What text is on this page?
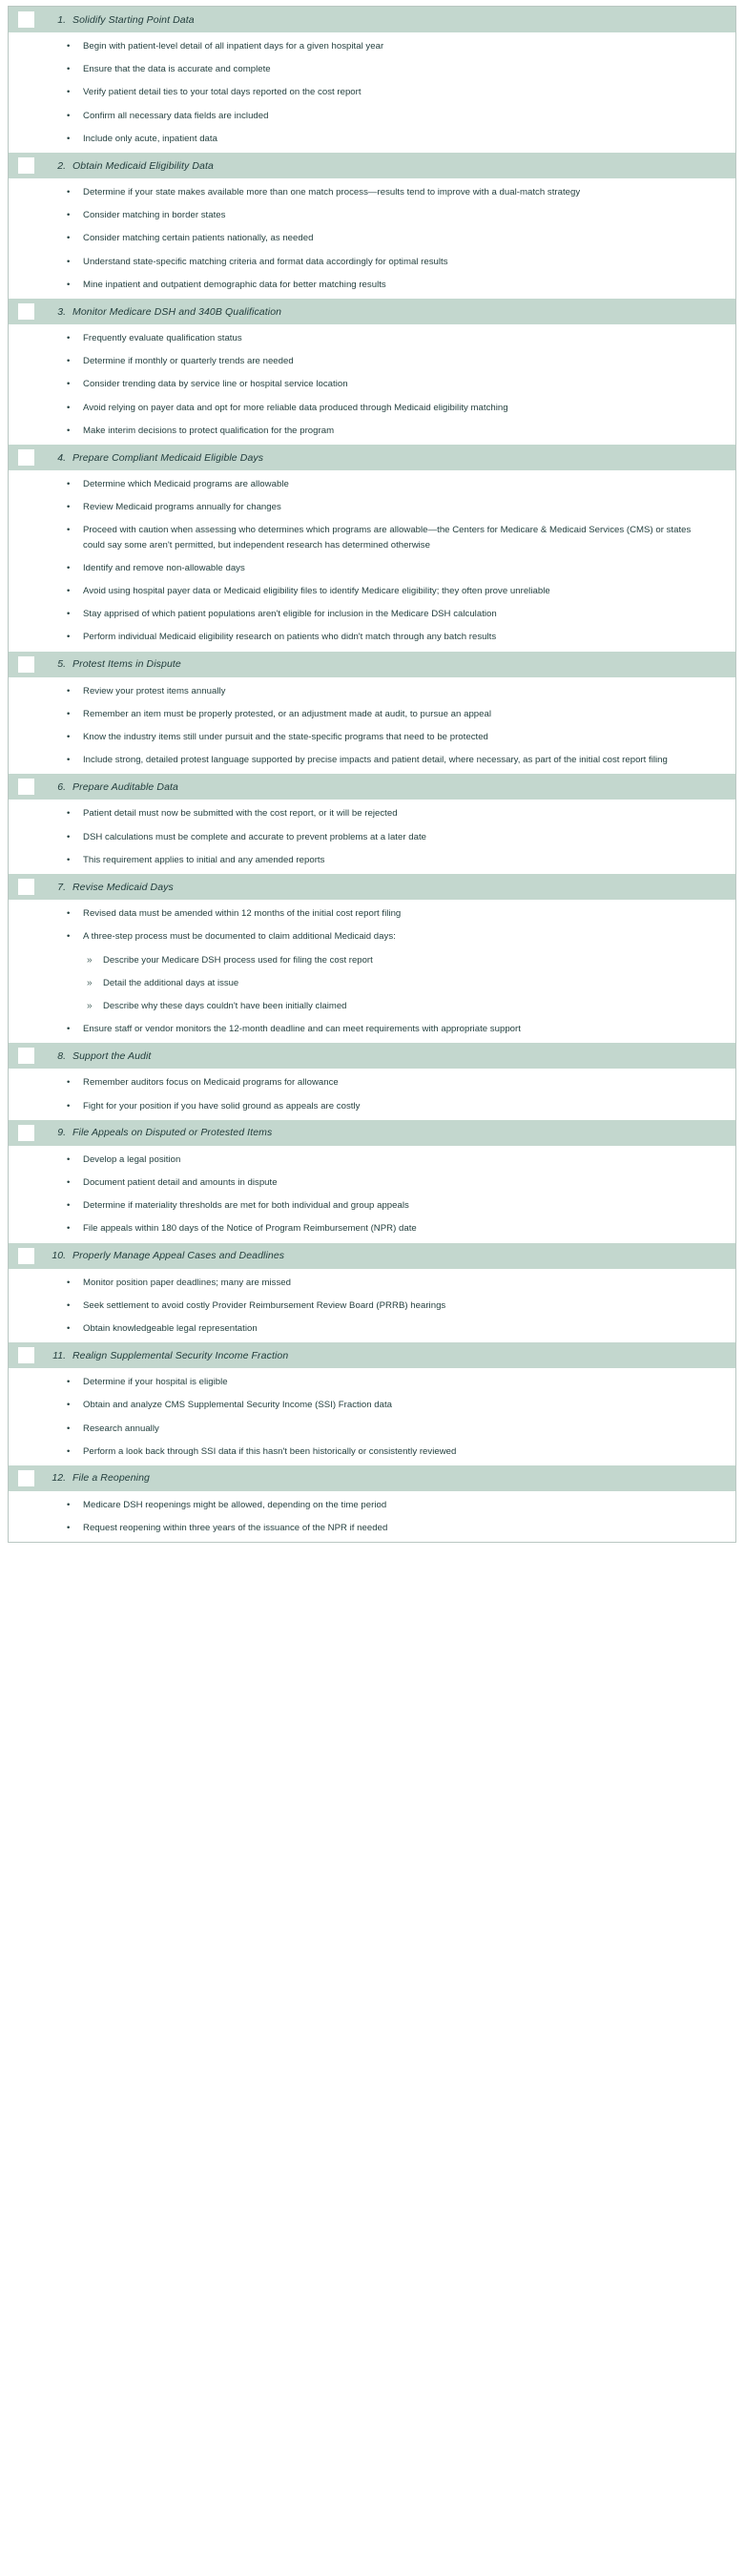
1. Solidify Starting Point Data
•	Begin with patient-level detail of all inpatient days for a given hospital year
•	Ensure that the data is accurate and complete
•	Verify patient detail ties to your total days reported on the cost report
•	Confirm all necessary data fields are included
•	Include only acute, inpatient data
2. Obtain Medicaid Eligibility Data
•	Determine if your state makes available more than one match process—results tend to improve with a dual-match strategy
•	Consider matching in border states
•	Consider matching certain patients nationally, as needed
•	Understand state-specific matching criteria and format data accordingly for optimal results
•	Mine inpatient and outpatient demographic data for better matching results
3. Monitor Medicare DSH and 340B Qualification
•	Frequently evaluate qualification status
•	Determine if monthly or quarterly trends are needed
•	Consider trending data by service line or hospital service location
•	Avoid relying on payer data and opt for more reliable data produced through Medicaid eligibility matching
•	Make interim decisions to protect qualification for the program
4. Prepare Compliant Medicaid Eligible Days
•	Determine which Medicaid programs are allowable
•	Review Medicaid programs annually for changes
•	Proceed with caution when assessing who determines which programs are allowable—the Centers for Medicare & Medicaid Services (CMS) or states could say some aren't permitted, but independent research has determined otherwise
•	Identify and remove non-allowable days
•	Avoid using hospital payer data or Medicaid eligibility files to identify Medicare eligibility; they often prove unreliable
•	Stay apprised of which patient populations aren't eligible for inclusion in the Medicare DSH calculation
•	Perform individual Medicaid eligibility research on patients who didn't match through any batch results
5. Protest Items in Dispute
•	Review your protest items annually
•	Remember an item must be properly protested, or an adjustment made at audit, to pursue an appeal
•	Know the industry items still under pursuit and the state-specific programs that need to be protected
•	Include strong, detailed protest language supported by precise impacts and patient detail, where necessary, as part of the initial cost report filing
6. Prepare Auditable Data
•	Patient detail must now be submitted with the cost report, or it will be rejected
•	DSH calculations must be complete and accurate to prevent problems at a later date
•	This requirement applies to initial and any amended reports
7. Revise Medicaid Days
•	Revised data must be amended within 12 months of the initial cost report filing
•	A three-step process must be documented to claim additional Medicaid days:
»	Describe your Medicare DSH process used for filing the cost report
»	Detail the additional days at issue
»	Describe why these days couldn't have been initially claimed
•	Ensure staff or vendor monitors the 12-month deadline and can meet requirements with appropriate support
8. Support the Audit
•	Remember auditors focus on Medicaid programs for allowance
•	Fight for your position if you have solid ground as appeals are costly
9. File Appeals on Disputed or Protested Items
•	Develop a legal position
•	Document patient detail and amounts in dispute
•	Determine if materiality thresholds are met for both individual and group appeals
•	File appeals within 180 days of the Notice of Program Reimbursement (NPR) date
10. Properly Manage Appeal Cases and Deadlines
•	Monitor position paper deadlines; many are missed
•	Seek settlement to avoid costly Provider Reimbursement Review Board (PRRB) hearings
•	Obtain knowledgeable legal representation
11. Realign Supplemental Security Income Fraction
•	Determine if your hospital is eligible
•	Obtain and analyze CMS Supplemental Security Income (SSI) Fraction data
•	Research annually
•	Perform a look back through SSI data if this hasn't been historically or consistently reviewed
12. File a Reopening
•	Medicare DSH reopenings might be allowed, depending on the time period
•	Request reopening within three years of the issuance of the NPR if needed
